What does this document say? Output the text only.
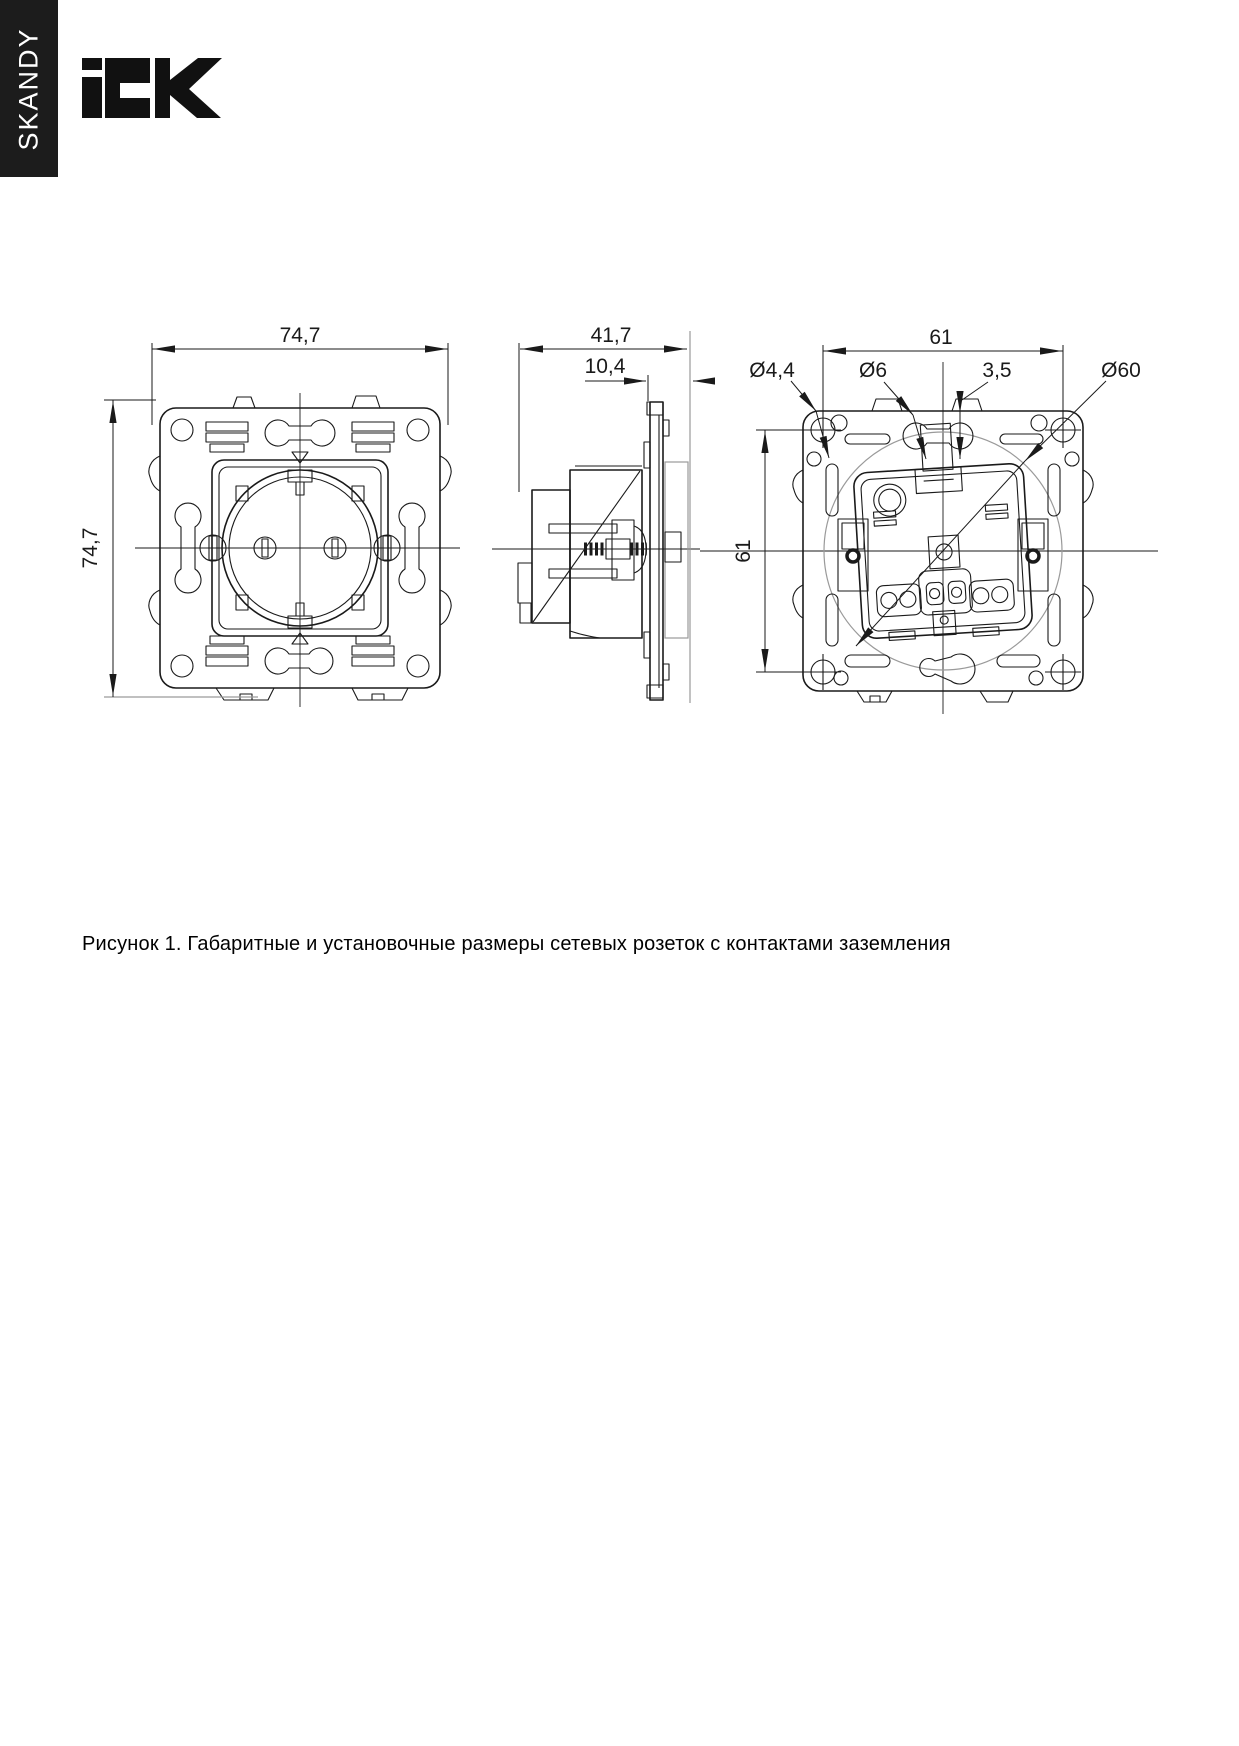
SKANDY
74,7
74,7
41,7
10,4
61
61
Ø4,4	Ø6	3,5	Ø60

Рисунок 1. Габаритные и установочные размеры сетевых розеток с контактами заземления
